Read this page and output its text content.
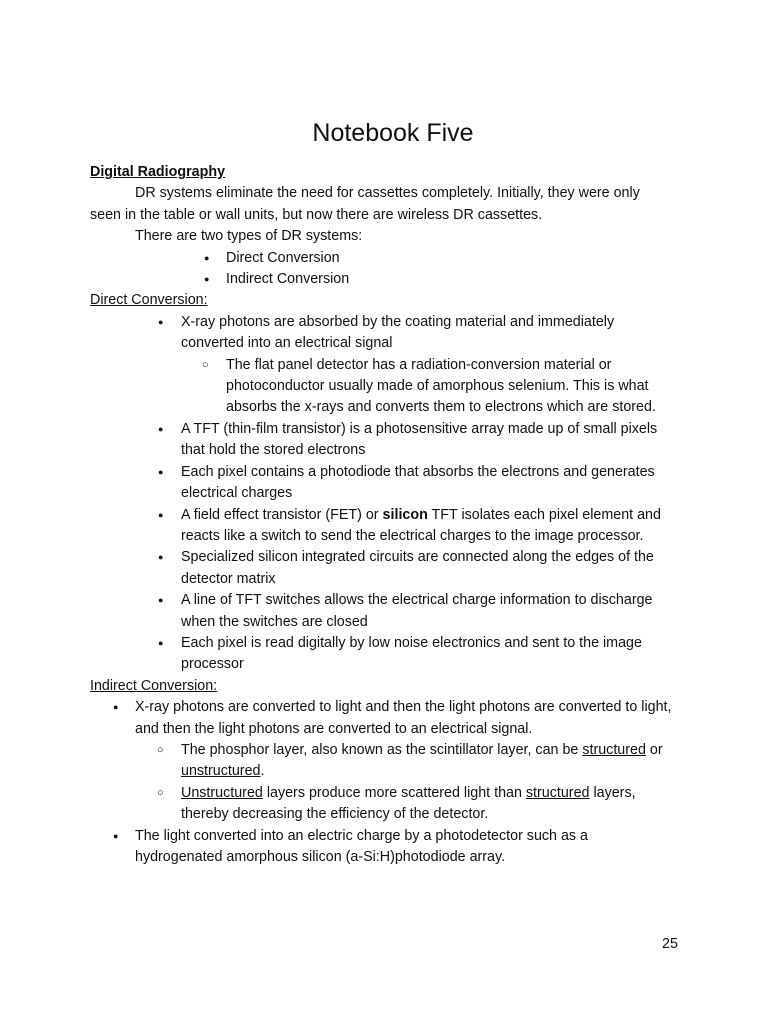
Notebook Five
Digital Radiography
DR systems eliminate the need for cassettes completely. Initially, they were only
seen in the table or wall units, but now there are wireless DR cassettes.
There are two types of DR systems:
● Direct Conversion
● Indirect Conversion
Direct Conversion:
● X-ray photons are absorbed by the coating material and immediately
converted into an electrical signal
○ The flat panel detector has a radiation-conversion material or
photoconductor usually made of amorphous selenium. This is what
absorbs the x-rays and converts them to electrons which are stored.
● A TFT (thin-film transistor) is a photosensitive array made up of small pixels
that hold the stored electrons
● Each pixel contains a photodiode that absorbs the electrons and generates
electrical charges
● A field effect transistor (FET) or silicon TFT isolates each pixel element and
reacts like a switch to send the electrical charges to the image processor.
● Specialized silicon integrated circuits are connected along the edges of the
detector matrix
● A line of TFT switches allows the electrical charge information to discharge
when the switches are closed
● Each pixel is read digitally by low noise electronics and sent to the image
processor
Indirect Conversion:
● X-ray photons are converted to light and then the light photons are converted to light,
and then the light photons are converted to an electrical signal.
○ The phosphor layer, also known as the scintillator layer, can be structured or
unstructured.
○ Unstructured layers produce more scattered light than structured layers,
thereby decreasing the efficiency of the detector.
● The light converted into an electric charge by a photodetector such as a
hydrogenated amorphous silicon (a-Si:H)photodiode array.
25
